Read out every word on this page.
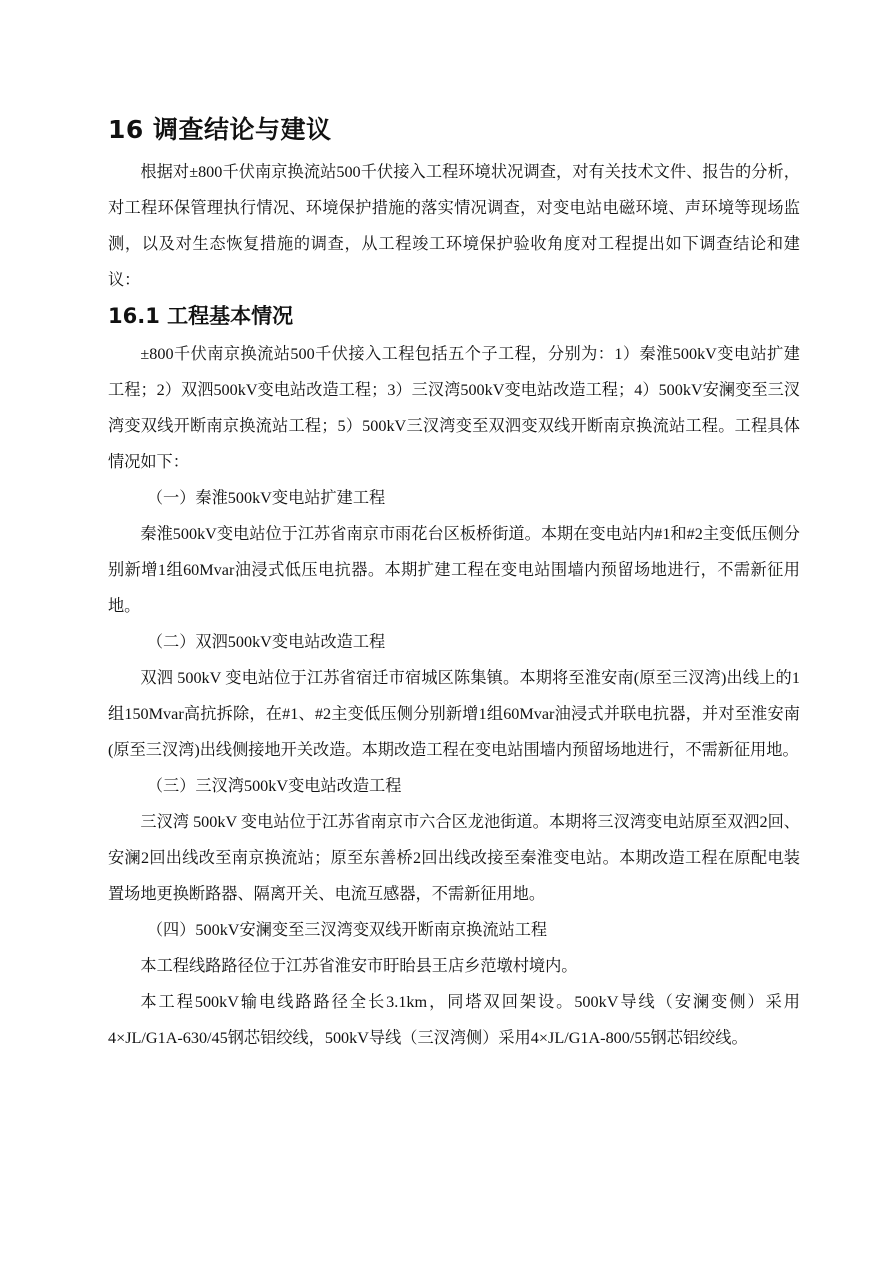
16 调查结论与建议

根据对±800千伏南京换流站500千伏接入工程环境状况调查，对有关技术文件、报告的分析，对工程环保管理执行情况、环境保护措施的落实情况调查，对变电站电磁环境、声环境等现场监测，以及对生态恢复措施的调查，从工程竣工环境保护验收角度对工程提出如下调查结论和建议：

16.1 工程基本情况

±800千伏南京换流站500千伏接入工程包括五个子工程，分别为：1）秦淮500kV变电站扩建工程；2）双泗500kV变电站改造工程；3）三汊湾500kV变电站改造工程；4）500kV安澜变至三汊湾变双线开断南京换流站工程；5）500kV三汊湾变至双泗变双线开断南京换流站工程。工程具体情况如下：

（一）秦淮500kV变电站扩建工程

秦淮500kV变电站位于江苏省南京市雨花台区板桥街道。本期在变电站内#1和#2主变低压侧分别新增1组60Mvar油浸式低压电抗器。本期扩建工程在变电站围墙内预留场地进行，不需新征用地。

（二）双泗500kV变电站改造工程

双泗 500kV 变电站位于江苏省宿迁市宿城区陈集镇。本期将至淮安南(原至三汊湾)出线上的1组150Mvar高抗拆除，在#1、#2主变低压侧分别新增1组60Mvar油浸式并联电抗器，并对至淮安南(原至三汊湾)出线侧接地开关改造。本期改造工程在变电站围墙内预留场地进行，不需新征用地。

（三）三汊湾500kV变电站改造工程

三汊湾 500kV 变电站位于江苏省南京市六合区龙池街道。本期将三汊湾变电站原至双泗2回、安澜2回出线改至南京换流站；原至东善桥2回出线改接至秦淮变电站。本期改造工程在原配电装置场地更换断路器、隔离开关、电流互感器，不需新征用地。

（四）500kV安澜变至三汊湾变双线开断南京换流站工程

本工程线路路径位于江苏省淮安市盱眙县王店乡范墩村境内。

本工程500kV输电线路路径全长3.1km，同塔双回架设。500kV导线（安澜变侧）采用4×JL/G1A-630/45钢芯铝绞线，500kV导线（三汊湾侧）采用4×JL/G1A-800/55钢芯铝绞线。
